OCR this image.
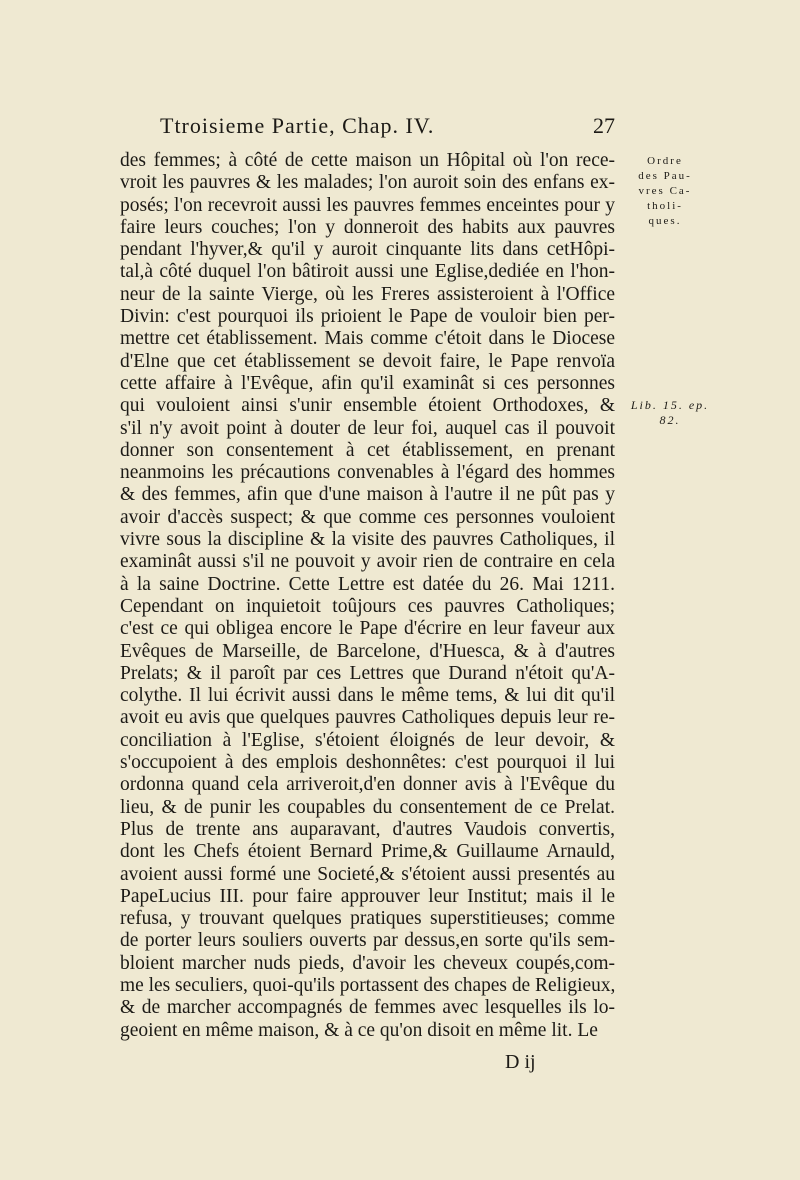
Ttroisieme Partie, Chap. IV.	27
Ordre
des Pau-
vres Ca-
tholi-
ques.
Lib. 15. ep. 82.
des femmes; à côté de cette maison un Hôpital où l'on rece-
vroit les pauvres & les malades; l'on auroit soin des enfans ex-
posés; l'on recevroit aussi les pauvres femmes enceintes pour y
faire leurs couches; l'on y donneroit des habits aux pauvres
pendant l'hyver,& qu'il y auroit cinquante lits dans cetHôpi-
tal,à côté duquel l'on bâtiroit aussi une Eglise,dediée en l'hon-
neur de la sainte Vierge, où les Freres assisteroient à l'Office
Divin: c'est pourquoi ils prioient le Pape de vouloir bien per-
mettre cet établissement. Mais comme c'étoit dans le Diocese
d'Elne que cet établissement se devoit faire, le Pape renvoïa
cette affaire à l'Evêque, afin qu'il examinât si ces personnes
qui vouloient ainsi s'unir ensemble étoient Orthodoxes, &
s'il n'y avoit point à douter de leur foi, auquel cas il pouvoit
donner son consentement à cet établissement, en prenant
neanmoins les précautions convenables à l'égard des hommes
& des femmes, afin que d'une maison à l'autre il ne pût pas y
avoir d'accès suspect; & que comme ces personnes vouloient
vivre sous la discipline & la visite des pauvres Catholiques, il
examinât aussi s'il ne pouvoit y avoir rien de contraire en cela
à la saine Doctrine. Cette Lettre est datée du 26. Mai 1211.
Cependant on inquietoit toûjours ces pauvres Catholiques;
c'est ce qui obligea encore le Pape d'écrire en leur faveur aux
Evêques de Marseille, de Barcelone, d'Huesca, & à d'autres
Prelats; & il paroît par ces Lettres que Durand n'étoit qu'A-
colythe. Il lui écrivit aussi dans le même tems, & lui dit qu'il
avoit eu avis que quelques pauvres Catholiques depuis leur re-
conciliation à l'Eglise, s'étoient éloignés de leur devoir, &
s'occupoient à des emplois deshonnêtes: c'est pourquoi il lui
ordonna quand cela arriveroit,d'en donner avis à l'Evêque du
lieu, & de punir les coupables du consentement de ce Prelat.
Plus de trente ans auparavant, d'autres Vaudois convertis,
dont les Chefs étoient Bernard Prime,& Guillaume Arnauld,
avoient aussi formé une Societé,& s'étoient aussi presentés au
PapeLucius III. pour faire approuver leur Institut; mais il le
refusa, y trouvant quelques pratiques superstitieuses; comme
de porter leurs souliers ouverts par dessus,en sorte qu'ils sem-
bloient marcher nuds pieds, d'avoir les cheveux coupés,com-
me les seculiers, quoi-qu'ils portassent des chapes de Religieux,
& de marcher accompagnés de femmes avec lesquelles ils lo-
geoient en même maison, & à ce qu'on disoit en même lit. Le
D ij
